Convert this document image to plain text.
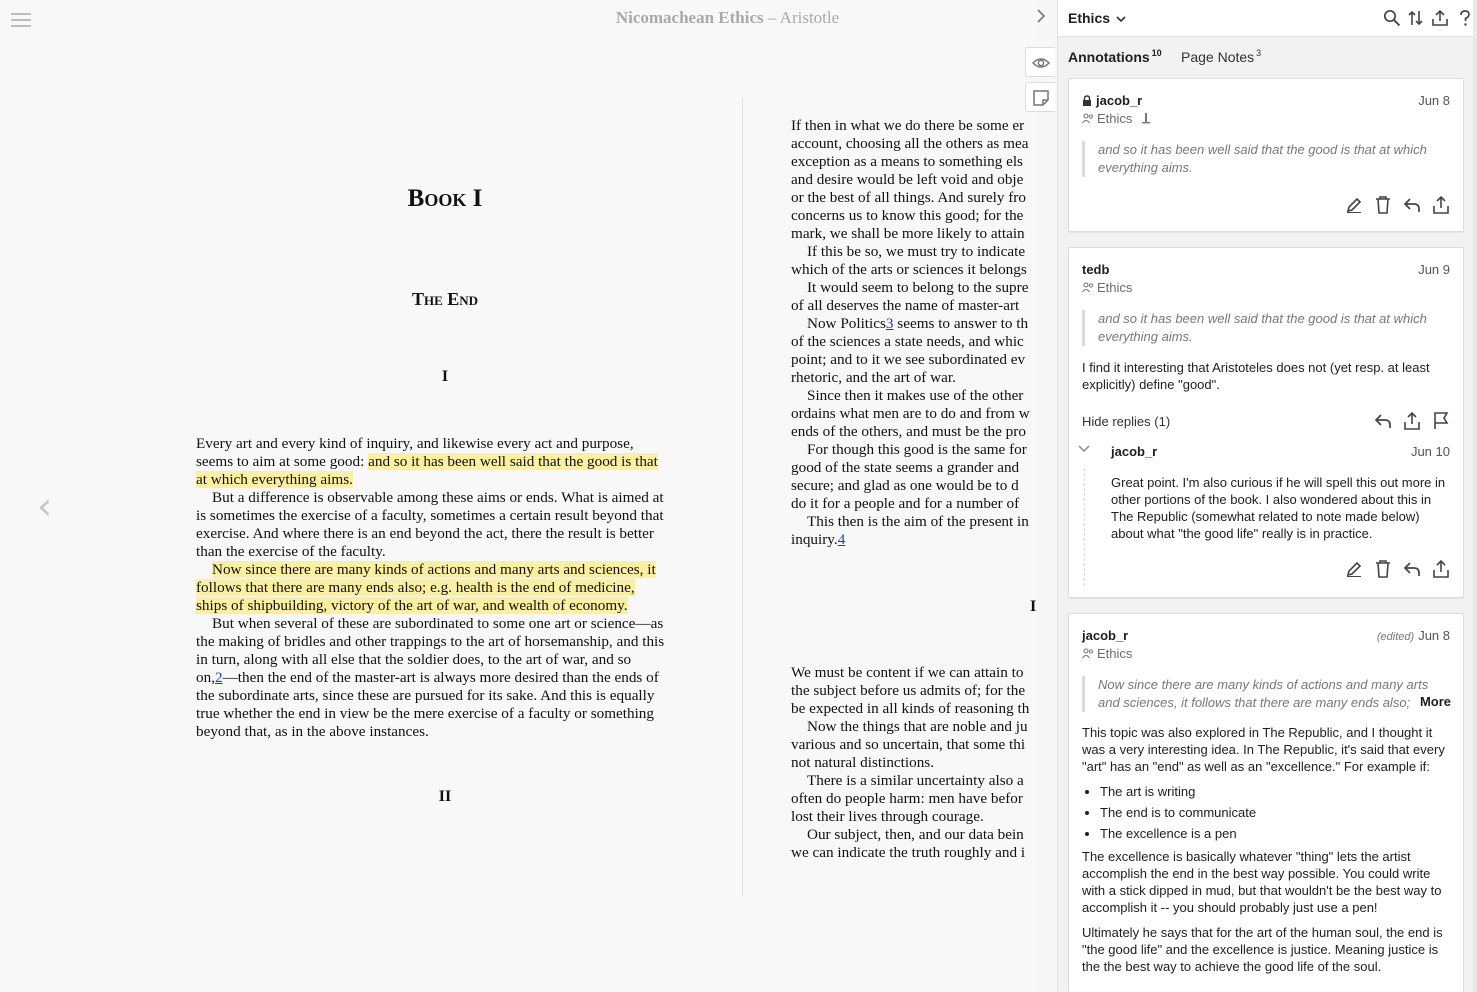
Nicomachean Ethics – Aristotle
‹
Book I
The End
I
Every art and every kind of inquiry, and likewise every act and purpose,
seems to aim at some good: and so it has been well said that the good is that
at which everything aims.
But a difference is observable among these aims or ends. What is aimed at
is sometimes the exercise of a faculty, sometimes a certain result beyond that
exercise. And where there is an end beyond the act, there the result is better
than the exercise of the faculty.
Now since there are many kinds of actions and many arts and sciences, it
follows that there are many ends also; e.g. health is the end of medicine,
ships of shipbuilding, victory of the art of war, and wealth of economy.
But when several of these are subordinated to some one art or science—as
the making of bridles and other trappings to the art of horsemanship, and this
in turn, along with all else that the soldier does, to the art of war, and so
on,2—then the end of the master-art is always more desired than the ends of
the subordinate arts, since these are pursued for its sake. And this is equally
true whether the end in view be the mere exercise of a faculty or something
beyond that, as in the above instances.
II
If then in what we do there be some er
account, choosing all the others as mea
exception as a means to something els
and desire would be left void and obje
or the best of all things. And surely fro
concerns us to know this good; for the
mark, we shall be more likely to attain
If this be so, we must try to indicate
which of the arts or sciences it belongs
It would seem to belong to the supre
of all deserves the name of master-art
Now Politics3 seems to answer to th
of the sciences a state needs, and whic
point; and to it we see subordinated ev
rhetoric, and the art of war.
Since then it makes use of the other
ordains what men are to do and from w
ends of the others, and must be the pro
For though this good is the same for
good of the state seems a grander and
secure; and glad as one would be to d
do it for a people and for a number of
This then is the aim of the present in
inquiry.4
I
We must be content if we can attain to
the subject before us admits of; for the
be expected in all kinds of reasoning th
Now the things that are noble and ju
various and so uncertain, that some thi
not natural distinctions.
There is a similar uncertainty also a
often do people harm: men have befor
lost their lives through courage.
Our subject, then, and our data bein
we can indicate the truth roughly and i
Ethics
Annotations $^{10}$ Page Notes $^3$
jacob_r	Jun 8
Ethics
and so it has been well said that the good is that at which everything aims.
tedb	Jun 9
Ethics
and so it has been well said that the good is that at which everything aims.
I find it interesting that Aristoteles does not (yet resp. at least explicitly) define "good".
Hide replies (1)
jacob_r	Jun 10
Great point. I'm also curious if he will spell this out more in other portions of the book. I also wondered about this in The Republic (somewhat related to note made below) about what "the good life" really is in practice.
jacob_r	(edited) Jun 8
Ethics
Now since there are many kinds of actions and many arts and sciences, it follows that there are many ends also; More

This topic was also explored in The Republic, and I thought it was a very interesting idea. In The Republic, it's said that every "art" has an "end" as well as an "excellence." For example if:

• The art is writing
• The end is to communicate
• The excellence is a pen

The excellence is basically whatever "thing" lets the artist accomplish the end in the best way possible. You could write with a stick dipped in mud, but that wouldn't be the best way to accomplish it -- you should probably just use a pen!

Ultimately he says that for the art of the human soul, the end is "the good life" and the excellence is justice. Meaning justice is the the best way to achieve the good life of the soul.
